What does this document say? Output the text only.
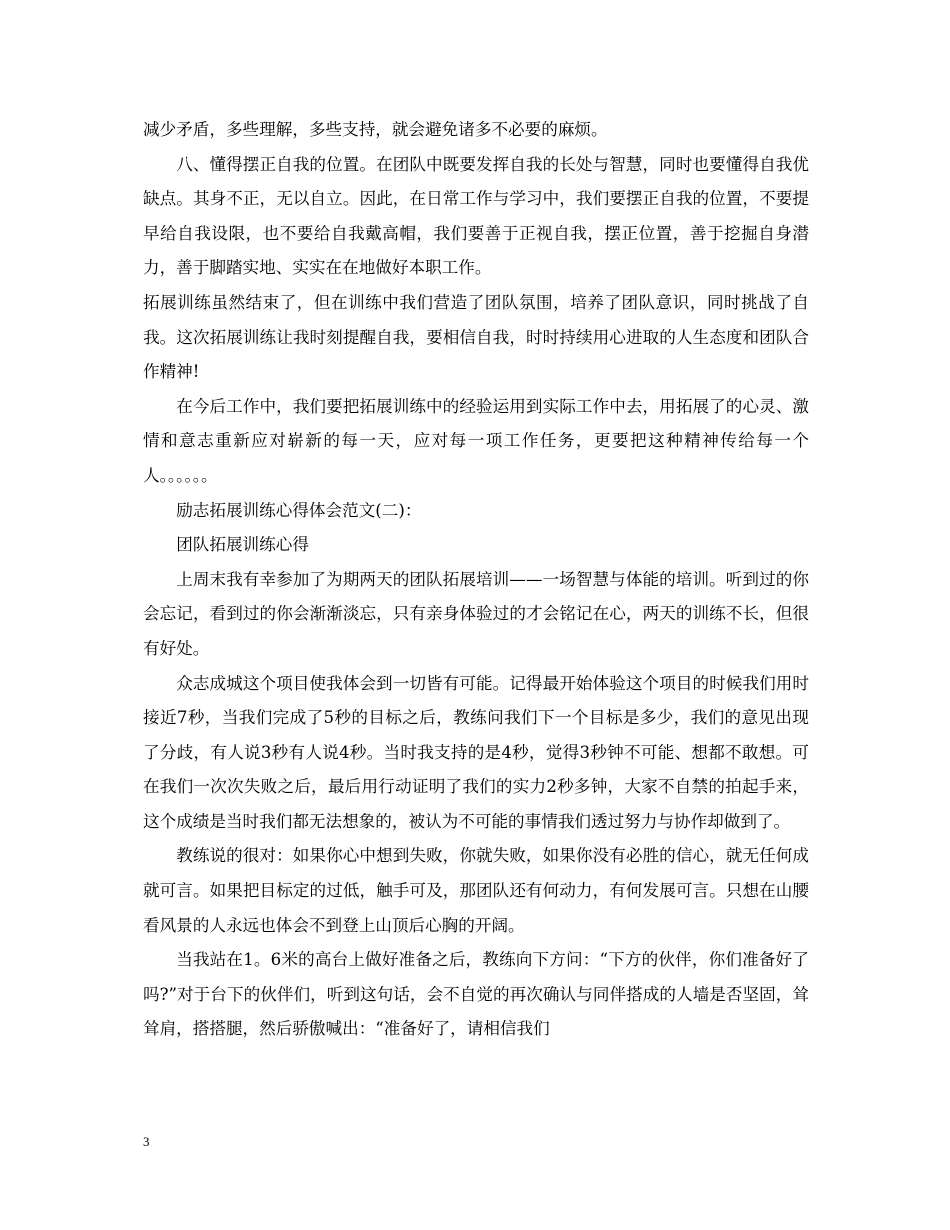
减少矛盾，多些理解，多些支持，就会避免诸多不必要的麻烦。

八、懂得摆正自我的位置。在团队中既要发挥自我的长处与智慧，同时也要懂得自我优缺点。其身不正，无以自立。因此，在日常工作与学习中，我们要摆正自我的位置，不要提早给自我设限，也不要给自我戴高帽，我们要善于正视自我，摆正位置，善于挖掘自身潜力，善于脚踏实地、实实在在地做好本职工作。

拓展训练虽然结束了，但在训练中我们营造了团队氛围，培养了团队意识，同时挑战了自我。这次拓展训练让我时刻提醒自我，要相信自我，时时持续用心进取的人生态度和团队合作精神!

在今后工作中，我们要把拓展训练中的经验运用到实际工作中去，用拓展了的心灵、激情和意志重新应对崭新的每一天，应对每一项工作任务，更要把这种精神传给每一个人。。。。。。

励志拓展训练心得体会范文(二)：

团队拓展训练心得

上周末我有幸参加了为期两天的团队拓展培训——一场智慧与体能的培训。听到过的你会忘记，看到过的你会渐渐淡忘，只有亲身体验过的才会铭记在心，两天的训练不长，但很有好处。

众志成城这个项目使我体会到一切皆有可能。记得最开始体验这个项目的时候我们用时接近7秒，当我们完成了5秒的目标之后，教练问我们下一个目标是多少，我们的意见出现了分歧，有人说3秒有人说4秒。当时我支持的是4秒，觉得3秒钟不可能、想都不敢想。可在我们一次次失败之后，最后用行动证明了我们的实力2秒多钟，大家不自禁的拍起手来，这个成绩是当时我们都无法想象的，被认为不可能的事情我们透过努力与协作却做到了。

教练说的很对：如果你心中想到失败，你就失败，如果你没有必胜的信心，就无任何成就可言。如果把目标定的过低，触手可及，那团队还有何动力，有何发展可言。只想在山腰看风景的人永远也体会不到登上山顶后心胸的开阔。

当我站在1。6米的高台上做好准备之后，教练向下方问：“下方的伙伴，你们准备好了吗?”对于台下的伙伴们，听到这句话，会不自觉的再次确认与同伴搭成的人墙是否坚固，耸耸肩，搭搭腿，然后骄傲喊出：“准备好了，请相信我们

3
